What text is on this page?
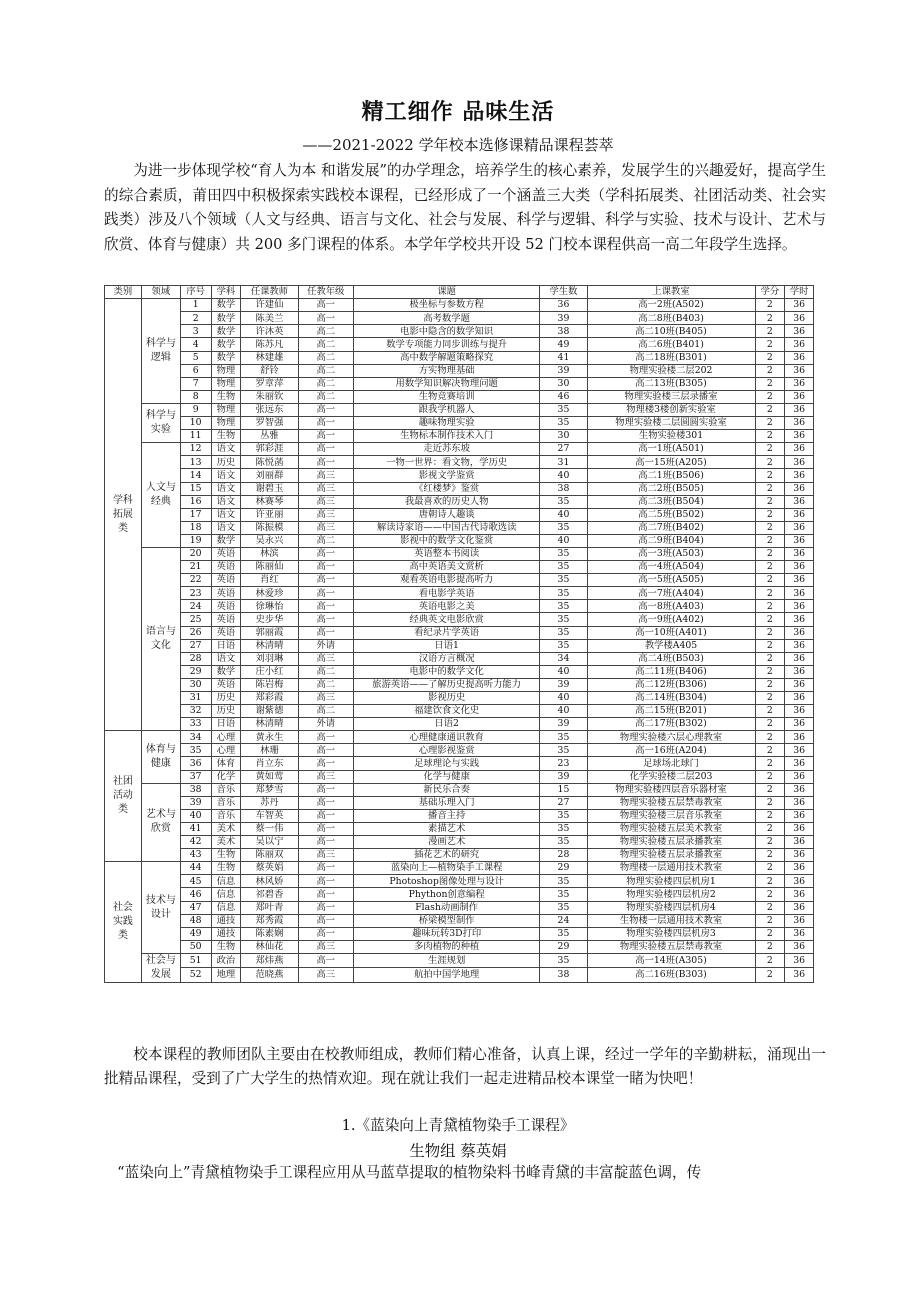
精工细作 品味生活
——2021-2022 学年校本选修课精品课程荟萃

为进一步体现学校“育人为本 和谐发展”的办学理念，培养学生的核心素养，发展学生的兴趣爱好，提高学生的综合素质，莆田四中积极探索实践校本课程，已经形成了一个涵盖三大类（学科拓展类、社团活动类、社会实践类）涉及八个领域（人文与经典、语言与文化、社会与发展、科学与逻辑、科学与实验、技术与设计、艺术与欣赏、体育与健康）共 200 多门课程的体系。本学年学校共开设 52 门校本课程供高一高二年段学生选择。

类别	领域	序号	学科	任课教师	任教年级	课题	学生数	上课教室	学分	学时
学科拓展类	科学与逻辑	1	数学	许建仙	高一	极坐标与参数方程	36	高一2班(A502)	2	36
		2	数学	陈美兰	高一	高考数学题	39	高二8班(B403)	2	36
		3	数学	许沐英	高二	电影中隐含的数学知识	38	高二10班(B405)	2	36
		4	数学	陈苏凡	高二	数学专项能力同步训练与提升	49	高二6班(B401)	2	36
		5	数学	林建雄	高二	高中数学解题策略探究	41	高二18班(B301)	2	36
		6	物理	舒铃	高二	方实物理基础	39	物理实验楼二层202	2	36
		7	物理	罗章萍	高二	用数学知识解决物理问题	30	高二13班(B305)	2	36
		8	生物	朱丽钦	高二	生物竞赛培训	46	物理实验楼三层录播室	2	36
	科学与实验	9	物理	张远东	高一	跟我学机器人	35	物理楼3楼创新实验室	2	36
		10	物理	罗智强	高一	趣味物理实验	35	物理实验楼二层圆圆实验室	2	36
		11	生物	丛雅	高一	生物标本制作技术入门	30	生物实验楼301	2	36
	人文与经典	12	语文	郭彩涯	高一	走近苏东坡	27	高一1班(A501)	2	36
		13	历史	陈悦菡	高一	一物一世界：看文物，学历史	31	高一15班(A205)	2	36
		14	语文	刘丽群	高三	影视文学鉴赏	40	高二1班(B506)	2	36
		15	语文	谢碧玉	高三	《红楼梦》鉴赏	38	高二2班(B505)	2	36
		16	语文	林赛琴	高三	我最喜欢的历史人物	35	高二3班(B504)	2	36
		17	语文	许亚丽	高三	唐朝诗人趣谈	40	高二5班(B502)	2	36
		18	语文	陈振模	高三	解读诗家语——中国古代诗歌选读	35	高二7班(B402)	2	36
		19	数学	吴永兴	高二	影视中的数学文化鉴赏	40	高二9班(B404)	2	36
	语言与文化	20	英语	林滨	高一	英语整本书阅读	35	高一3班(A503)	2	36
		21	英语	陈丽仙	高一	高中英语美文赏析	35	高一4班(A504)	2	36
		22	英语	肖红	高一	观看英语电影提高听力	35	高一5班(A505)	2	36
		23	英语	林爱珍	高一	看电影学英语	35	高一7班(A404)	2	36
		24	英语	徐琳怡	高一	英语电影之美	35	高一8班(A403)	2	36
		25	英语	史步华	高一	经典英文电影欣赏	35	高一9班(A402)	2	36
		26	英语	郭丽霞	高一	看纪录片学英语	35	高一10班(A401)	2	36
		27	日语	林清晴	外请	日语1	35	教学楼A405	2	36
		28	语文	刘羽琳	高三	汉语方言概况	34	高二4班(B503)	2	36
		29	数学	庄小红	高二	电影中的数学文化	40	高二11班(B406)	2	36
		30	英语	陈岩梅	高二	旅游英语——了解历史提高听力能力	39	高二12班(B306)	2	36
		31	历史	郑彩霞	高三	影视历史	40	高二14班(B304)	2	36
		32	历史	谢紫德	高二	福建饮食文化史	40	高二15班(B201)	2	36
		33	日语	林清晴	外请	日语2	39	高二17班(B302)	2	36
社团活动类	体育与健康	34	心理	黄永生	高一	心理健康通识教育	35	物理实验楼六层心理教室	2	36
		35	心理	林珊	高一	心理影视鉴赏	35	高一16班(A204)	2	36
		36	体育	肖立东	高一	足球理论与实践	23	足球场北球门	2	36
		37	化学	黄如莺	高三	化学与健康	39	化学实验楼二层203	2	36
	艺术与欣赏	38	音乐	郑梦雪	高一	新民乐合奏	15	物理实验楼四层音乐器材室	2	36
		39	音乐	苏丹	高一	基础乐理入门	27	物理实验楼五层禁毒教室	2	36
		40	音乐	车智英	高一	播音主持	35	物理实验楼三层音乐教室	2	36
		41	美术	蔡一伟	高一	素描艺术	35	物理实验楼五层美术教室	2	36
		42	美术	吴以宁	高一	漫画艺术	35	物理实验楼五层录播教室	2	36
		43	生物	陈丽双	高三	插花艺术的研究	28	物理实验楼五层录播教室	2	36
社会实践类	技术与设计	44	生物	蔡英娟	高一	蓝染向上—植物染手工课程	29	物理楼一层通用技术教室	2	36
		45	信息	林风娇	高一	Photoshop图像处理与设计	35	物理实验楼四层机房1	2	36
		46	信息	祁碧香	高一	Phython创意编程	35	物理实验楼四层机房2	2	36
		47	信息	郑叶青	高一	Flash动画制作	35	物理实验楼四层机房4	2	36
		48	通技	郑秀霞	高一	桥梁模型制作	24	生物楼一层通用技术教室	2	36
		49	通技	陈素娴	高一	趣味玩转3D打印	35	物理实验楼四层机房3	2	36
		50	生物	林仙花	高三	多肉植物的种植	29	物理实验楼五层禁毒教室	2	36
	社会与发展	51	政治	郑炜燕	高一	生涯规划	35	高一14班(A305)	2	36
		52	地理	范晓燕	高三	航拍中国学地理	38	高二16班(B303)	2	36

校本课程的教师团队主要由在校教师组成，教师们精心准备，认真上课，经过一学年的辛勤耕耘，涌现出一批精品课程，受到了广大学生的热情欢迎。现在就让我们一起走进精品校本课堂一睹为快吧！

1.《蓝染向上青黛植物染手工课程》
生物组 蔡英娟

“蓝染向上”青黛植物染手工课程应用从马蓝草提取的植物染料书峰青黛的丰富靛蓝色调，传
